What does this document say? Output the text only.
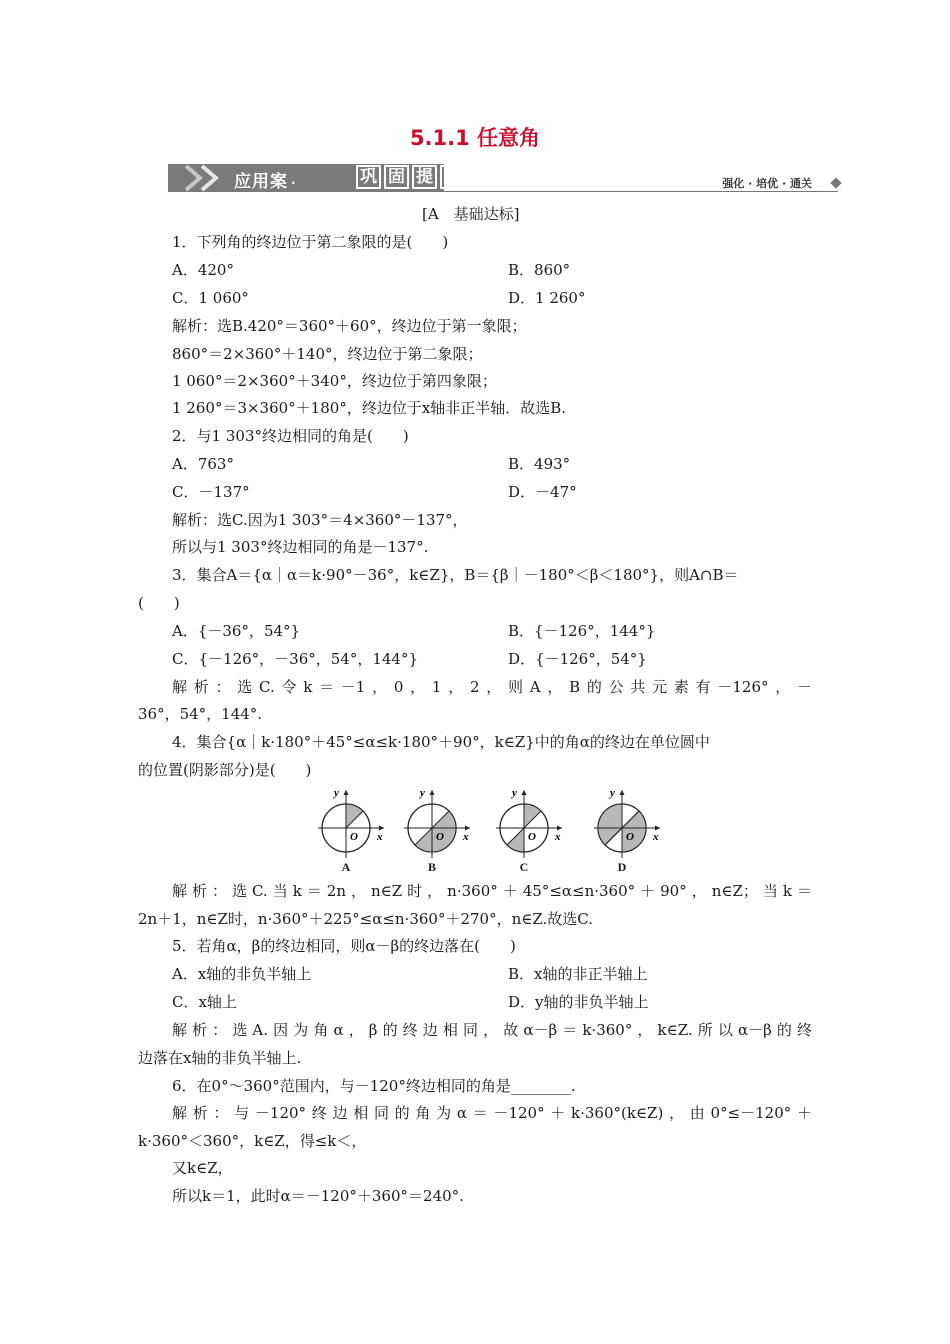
5.1.1 任意角
应用案 ·	巩 固 提 升	强化 · 培优 · 通关
[A　基础达标]
1．下列角的终边位于第二象限的是(　　)
A．420°	B．860°
C．1 060°	D．1 260°
解析：选B.420°＝360°＋60°，终边位于第一象限；
860°＝2×360°＋140°，终边位于第二象限；
1 060°＝2×360°＋340°，终边位于第四象限；
1 260°＝3×360°＋180°，终边位于x轴非正半轴．故选B.
2．与1 303°终边相同的角是(　　)
A．763°	B．493°
C．－137°	D．－47°
解析：选C.因为1 303°＝4×360°－137°，
所以与1 303°终边相同的角是－137°.
3．集合A＝{α｜α＝k·90°－36°，k∈Z}，B＝{β｜－180°＜β＜180°}，则A∩B＝
(　　)
A．{－36°，54°}	B．{－126°，144°}
C．{－126°，－36°，54°，144°}	D．{－126°，54°}
解析：选C.令k＝－1，0，1，2，则A，B的公共元素有－126°，－
36°，54°，144°.
4．集合{α｜k·180°＋45°≤α≤k·180°＋90°，k∈Z}中的角α的终边在单位圆中
的位置(阴影部分)是(　　)
y
x
O
A
y
x
O
B
y
x
O
C
y
x
O
D
解析：选C.当k＝2n，n∈Z时，n·360°＋45°≤α≤n·360°＋90°，n∈Z；当k＝
2n＋1，n∈Z时，n·360°＋225°≤α≤n·360°＋270°，n∈Z.故选C.
5．若角α，β的终边相同，则α－β的终边落在(　　)
A．x轴的非负半轴上	B．x轴的非正半轴上
C．x轴上	D．y轴的非负半轴上
解析：选A.因为角α，β的终边相同，故α－β＝k·360°，k∈Z.所以α－β的终
边落在x轴的非负半轴上.
6．在0°～360°范围内，与－120°终边相同的角是________.
解析：与－120°终边相同的角为α＝－120°＋k·360°(k∈Z)，由0°≤－120°＋
k·360°＜360°，k∈Z，得≤k＜，
又k∈Z，
所以k＝1，此时α＝－120°＋360°＝240°.
